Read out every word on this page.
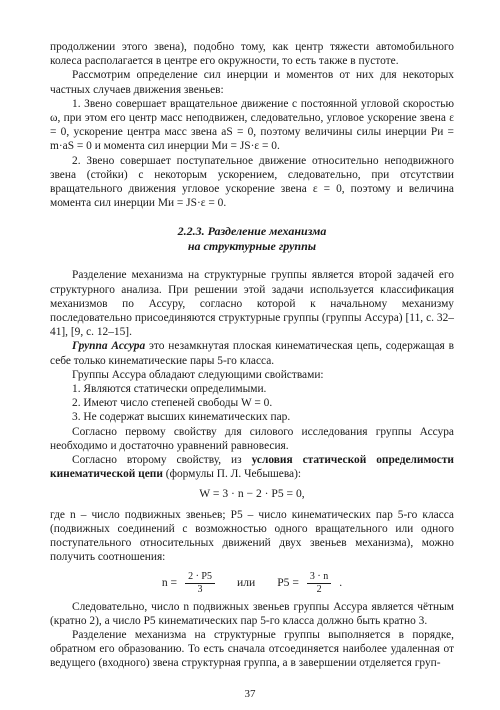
продолжении этого звена), подобно тому, как центр тяжести автомобильного колеса располагается в центре его окружности, то есть также в пустоте.

Рассмотрим определение сил инерции и моментов от них для некоторых частных случаев движения звеньев:

1. Звено совершает вращательное движение с постоянной угловой скоростью ω, при этом его центр масс неподвижен, следовательно, угловое ускорение звена ε = 0, ускорение центра масс звена aS = 0, поэтому величины силы инерции Pи = m·aS = 0 и момента сил инерции Mи = JS·ε = 0.

2. Звено совершает поступательное движение относительно неподвижного звена (стойки) с некоторым ускорением, следовательно, при отсутствии вращательного движения угловое ускорение звена ε = 0, поэтому и величина момента сил инерции Mи = JS·ε = 0.

2.2.3. Разделение механизма
на структурные группы

Разделение механизма на структурные группы является второй задачей его структурного анализа. При решении этой задачи используется классификация механизмов по Ассуру, согласно которой к начальному механизму последовательно присоединяются структурные группы (группы Ассура) [11, с. 32–41], [9, с. 12–15].

Группа Ассура это незамкнутая плоская кинематическая цепь, содержащая в себе только кинематические пары 5-го класса.

Группы Ассура обладают следующими свойствами:

1. Являются статически определимыми.

2. Имеют число степеней свободы W = 0.

3. Не содержат высших кинематических пар.

Согласно первому свойству для силового исследования группы Ассура необходимо и достаточно уравнений равновесия.

Согласно второму свойству, из условия статической определимости кинематической цепи (формулы П. Л. Чебышева):

W = 3 · n − 2 · P5 = 0,

где n – число подвижных звеньев; P5 – число кинематических пар 5-го класса (подвижных соединений с возможностью одного вращательного или одного поступательного относительных движений двух звеньев механизма), можно получить соотношения:

$n = \frac{2 \cdot P5}{3}$ или $P5 = \frac{3 \cdot n}{2}$ .

Следовательно, число n подвижных звеньев группы Ассура является чётным (кратно 2), а число P5 кинематических пар 5-го класса должно быть кратно 3.

Разделение механизма на структурные группы выполняется в порядке, обратном его образованию. То есть сначала отсоединяется наиболее удаленная от ведущего (входного) звена структурная группа, а в завершении отделяется груп-

37
